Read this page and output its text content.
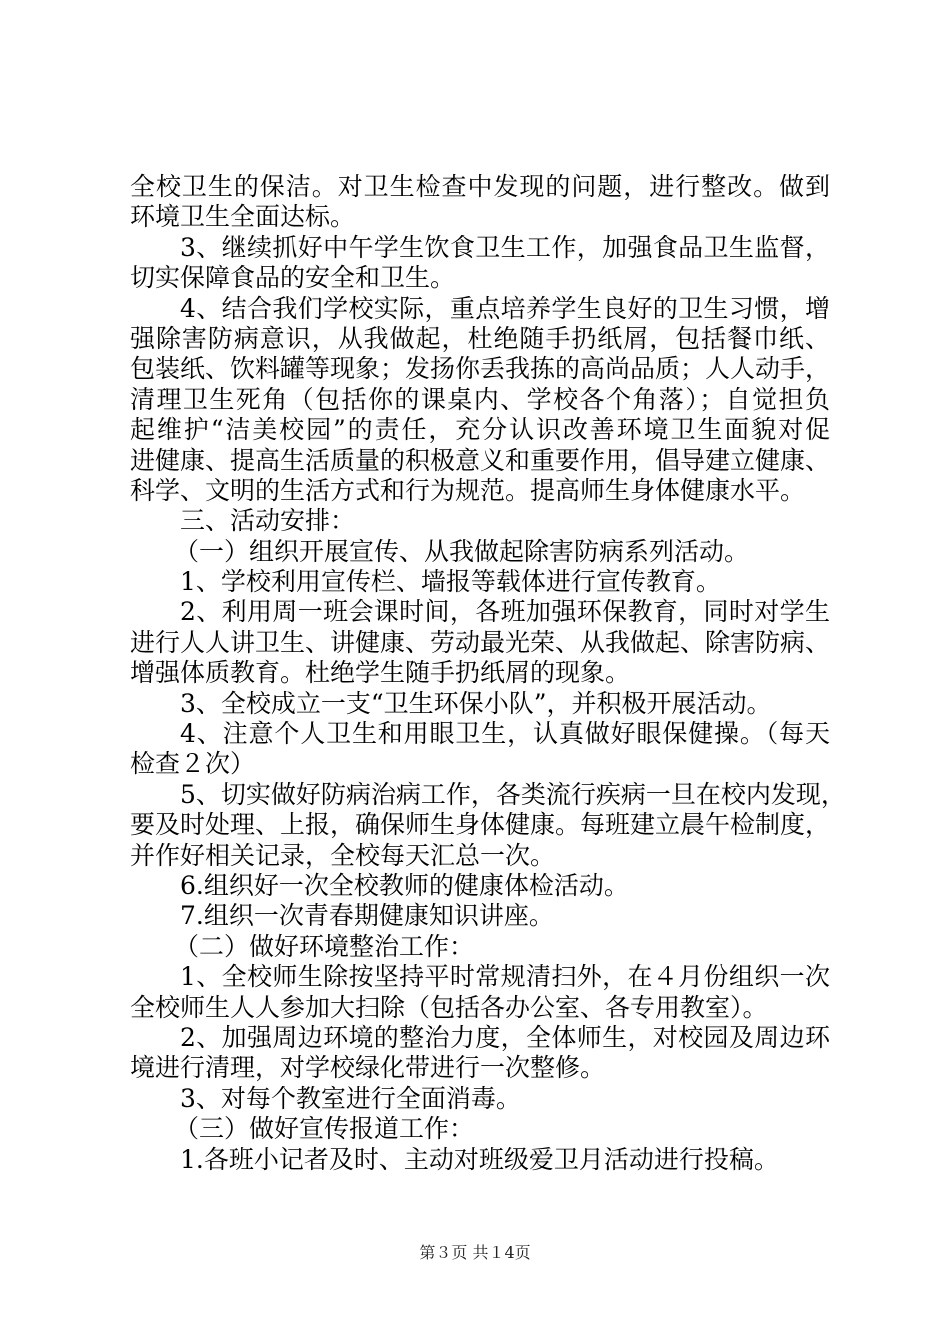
全校卫生的保洁。对卫生检查中发现的问题，进行整改。做到
环境卫生全面达标。
3、继续抓好中午学生饮食卫生工作，加强食品卫生监督，
切实保障食品的安全和卫生。
4、结合我们学校实际，重点培养学生良好的卫生习惯，增
强除害防病意识，从我做起，杜绝随手扔纸屑，包括餐巾纸、
包装纸、饮料罐等现象；发扬你丢我拣的高尚品质；人人动手，
清理卫生死角（包括你的课桌内、学校各个角落）；自觉担负
起维护“洁美校园”的责任，充分认识改善环境卫生面貌对促
进健康、提高生活质量的积极意义和重要作用，倡导建立健康、
科学、文明的生活方式和行为规范。提高师生身体健康水平。
三、活动安排：
（一）组织开展宣传、从我做起除害防病系列活动。
1、学校利用宣传栏、墙报等载体进行宣传教育。
2、利用周一班会课时间，各班加强环保教育，同时对学生
进行人人讲卫生、讲健康、劳动最光荣、从我做起、除害防病、
增强体质教育。杜绝学生随手扔纸屑的现象。
3、全校成立一支“卫生环保小队”，并积极开展活动。
4、注意个人卫生和用眼卫生，认真做好眼保健操。（每天
检查２次）
5、切实做好防病治病工作，各类流行疾病一旦在校内发现，
要及时处理、上报，确保师生身体健康。每班建立晨午检制度，
并作好相关记录，全校每天汇总一次。
6.组织好一次全校教师的健康体检活动。
7.组织一次青春期健康知识讲座。
（二）做好环境整治工作：
1、全校师生除按坚持平时常规清扫外，在４月份组织一次
全校师生人人参加大扫除（包括各办公室、各专用教室）。
2、加强周边环境的整治力度，全体师生，对校园及周边环
境进行清理，对学校绿化带进行一次整修。
3、对每个教室进行全面消毒。
（三）做好宣传报道工作：
1.各班小记者及时、主动对班级爱卫月活动进行投稿。
第３页 共１4页
